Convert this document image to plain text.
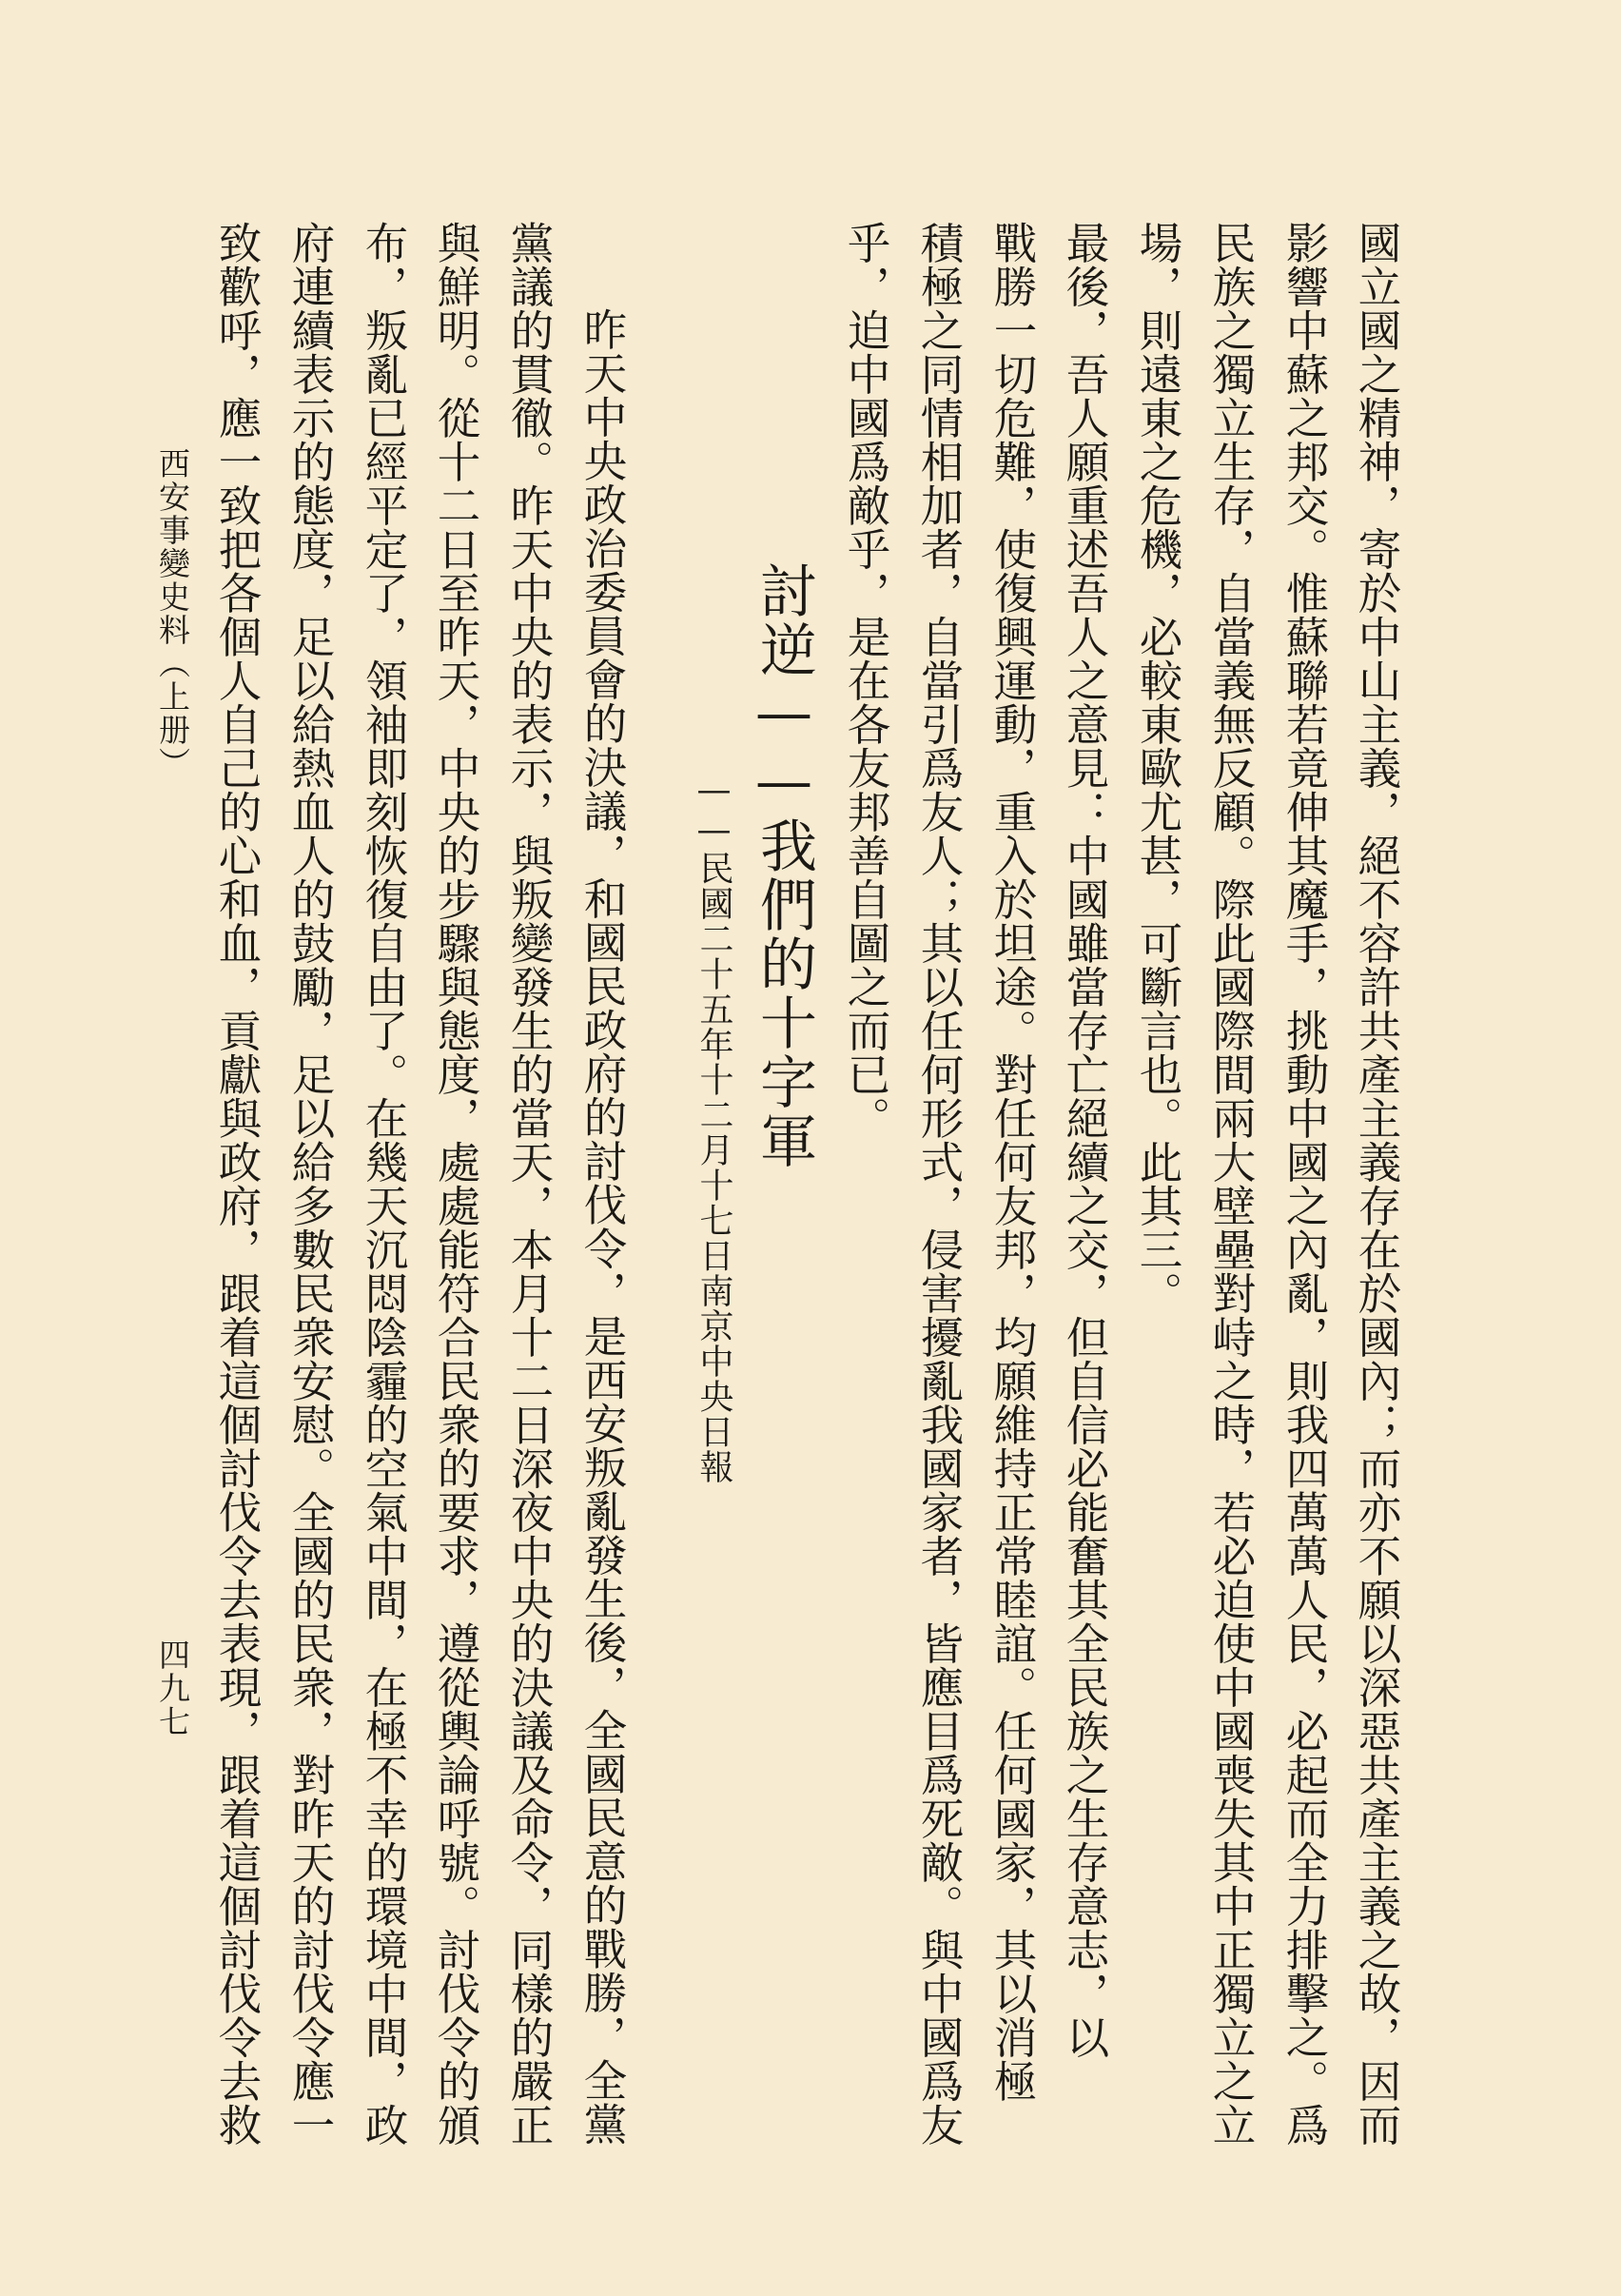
國立國之精神，寄於中山主義，絕不容許共產主義存在於國內；而亦不願以深惡共產主義之故，因而
影響中蘇之邦交。惟蘇聯若竟伸其魔手，挑動中國之內亂，則我四萬萬人民，必起而全力排擊之。爲
民族之獨立生存，自當義無反顧。際此國際間兩大壁壘對峙之時，若必迫使中國喪失其中正獨立之立
場，則遠東之危機，必較東歐尤甚，可斷言也。此其三。
最後，吾人願重述吾人之意見：中國雖當存亡絕續之交，但自信必能奮其全民族之生存意志，以
戰勝一切危難，使復興運動，重入於坦途。對任何友邦，均願維持正常睦誼。任何國家，其以消極
積極之同情相加者，自當引爲友人；其以任何形式，侵害擾亂我國家者，皆應目爲死敵。與中國爲友
乎，迫中國爲敵乎，是在各友邦善自圖之而已。
討逆——我們的十字軍
——民國二十五年十二月十七日南京中央日報
昨天中央政治委員會的決議，和國民政府的討伐令，是西安叛亂發生後，全國民意的戰勝，全黨
黨議的貫徹。昨天中央的表示，與叛變發生的當天，本月十二日深夜中央的決議及命令，同樣的嚴正
與鮮明。從十二日至昨天，中央的步驟與態度，處處能符合民衆的要求，遵從輿論呼號。討伐令的頒
布，叛亂已經平定了，領袖即刻恢復自由了。在幾天沉悶陰霾的空氣中間，在極不幸的環境中間，政
府連續表示的態度，足以給熱血人的鼓勵，足以給多數民衆安慰。全國的民衆，對昨天的討伐令應一
致歡呼，應一致把各個人自己的心和血，貢獻與政府，跟着這個討伐令去表現，跟着這個討伐令去救
西安事變史料（上册）
四九七
